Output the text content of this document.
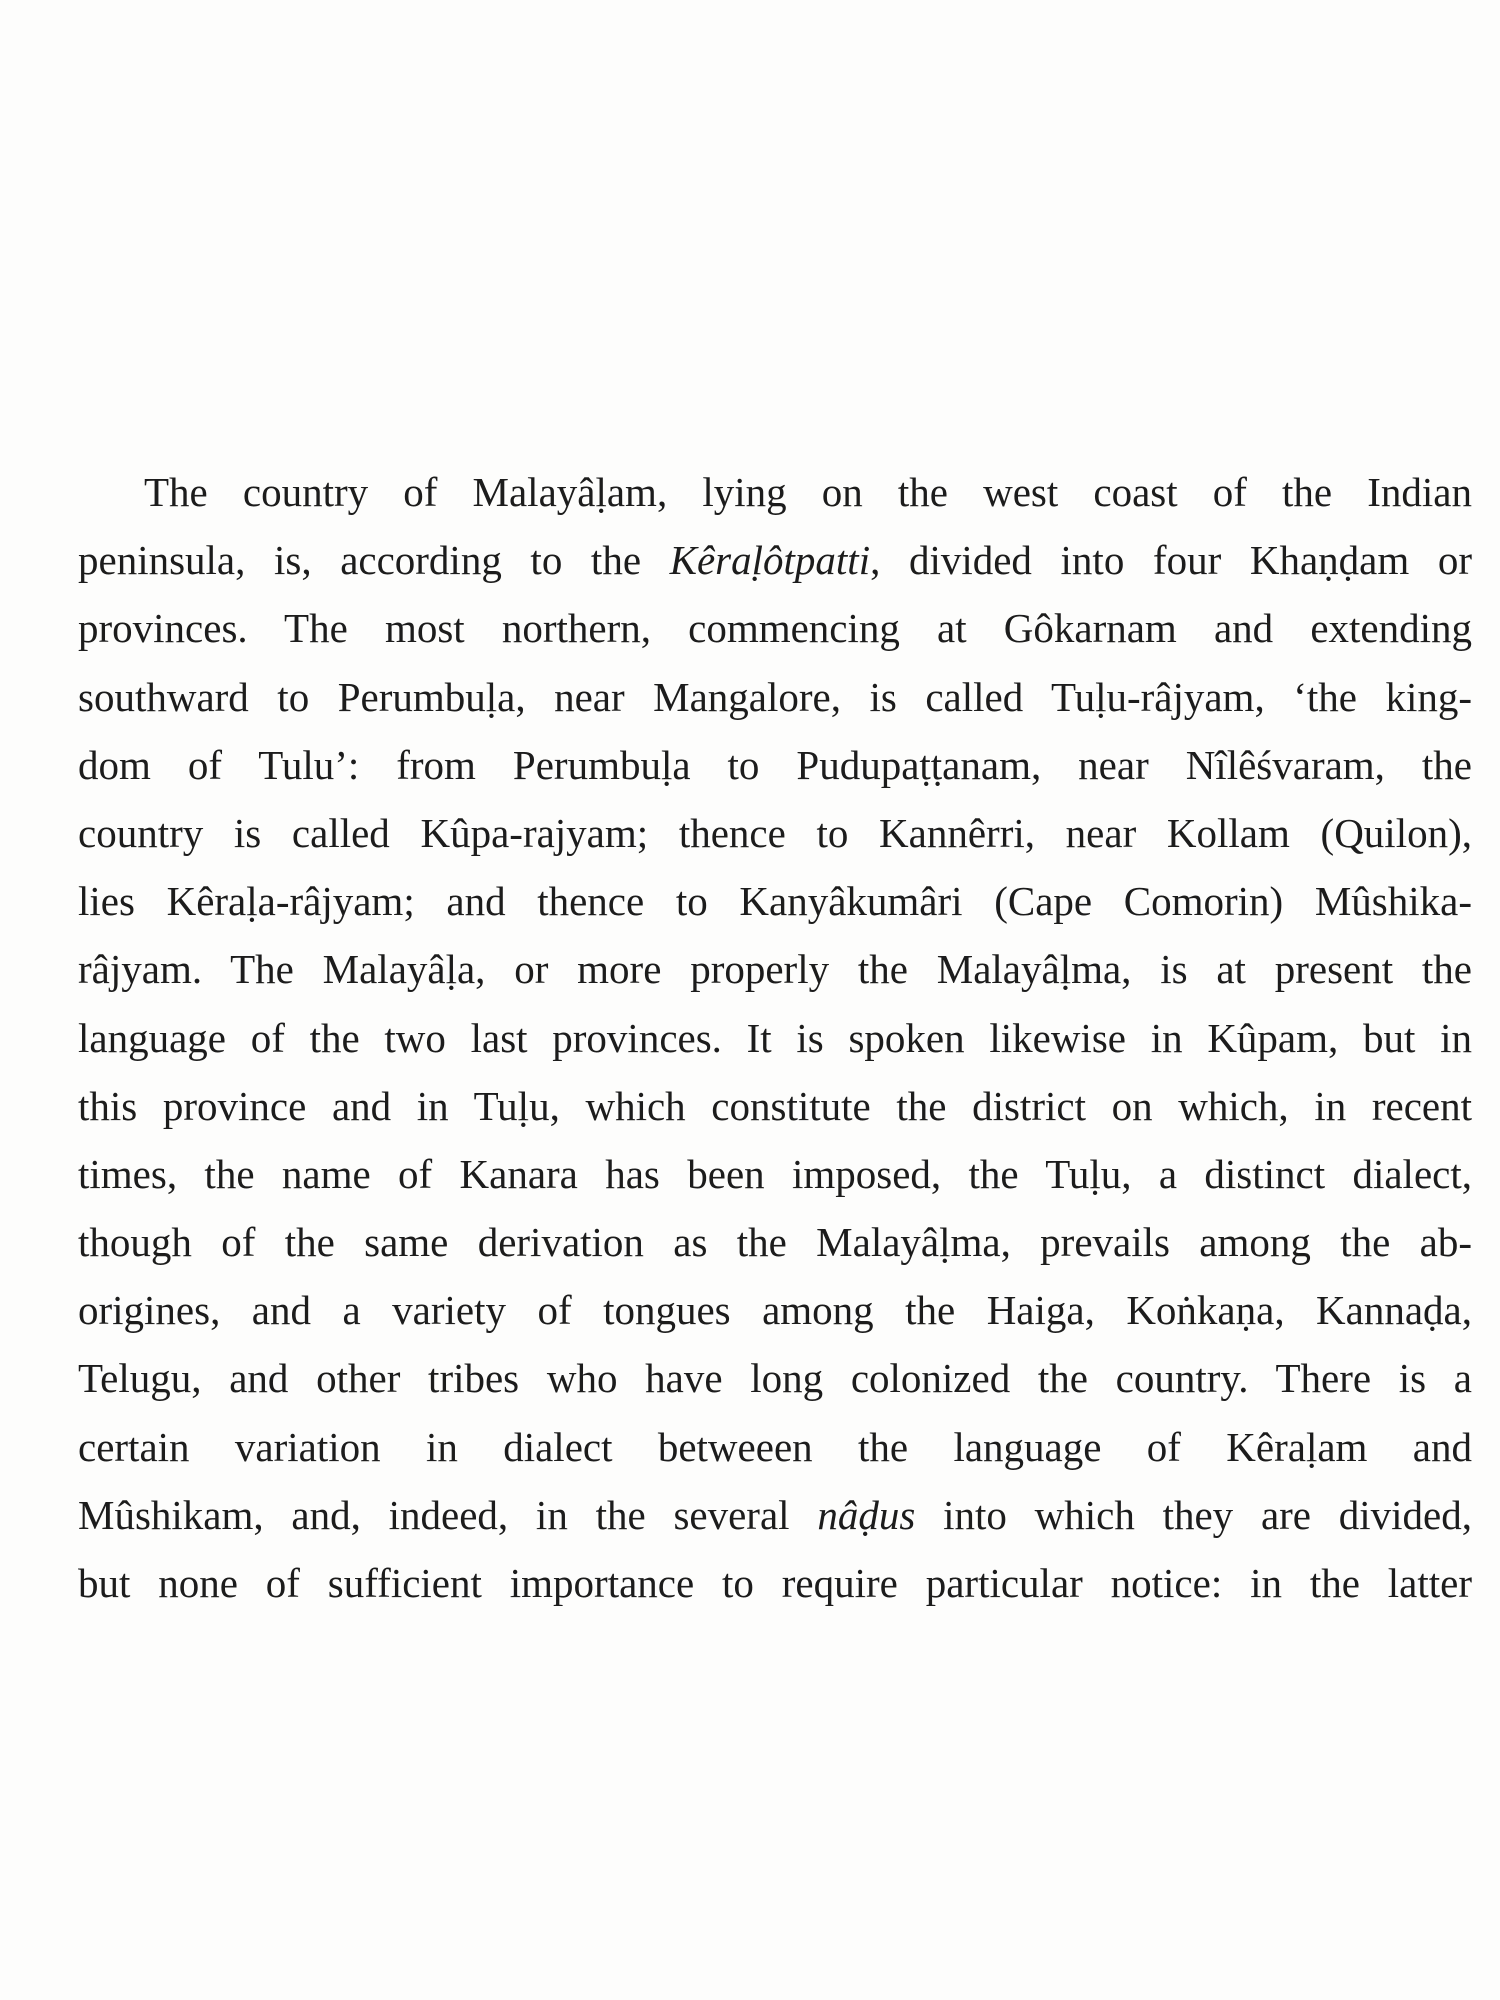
The country of Malayâḷam, lying on the west coast of the Indian
peninsula, is, according to the Kêraḷôtpatti, divided into four Khaṇḍam or
provinces. The most northern, commencing at Gôkarnam and extending
southward to Perumbuḷa, near Mangalore, is called Tuḷu-râjyam, ‘the king-
dom of Tulu’: from Perumbuḷa to Pudupaṭṭanam, near Nîlêśvaram, the
country is called Kûpa-rajyam; thence to Kannêrri, near Kollam (Quilon),
lies Kêraḷa-râjyam; and thence to Kanyâkumâri (Cape Comorin) Mûshika-
râjyam. The Malayâḷa, or more properly the Malayâḷma, is at present the
language of the two last provinces. It is spoken likewise in Kûpam, but in
this province and in Tuḷu, which constitute the district on which, in recent
times, the name of Kanara has been imposed, the Tuḷu, a distinct dialect,
though of the same derivation as the Malayâḷma, prevails among the ab-
origines, and a variety of tongues among the Haiga, Koṅkaṇa, Kannaḍa,
Telugu, and other tribes who have long colonized the country. There is a
certain variation in dialect betweeen the language of Kêraḷam and
Mûshikam, and, indeed, in the several nâḍus into which they are divided,
but none of sufficient importance to require particular notice: in the latter
